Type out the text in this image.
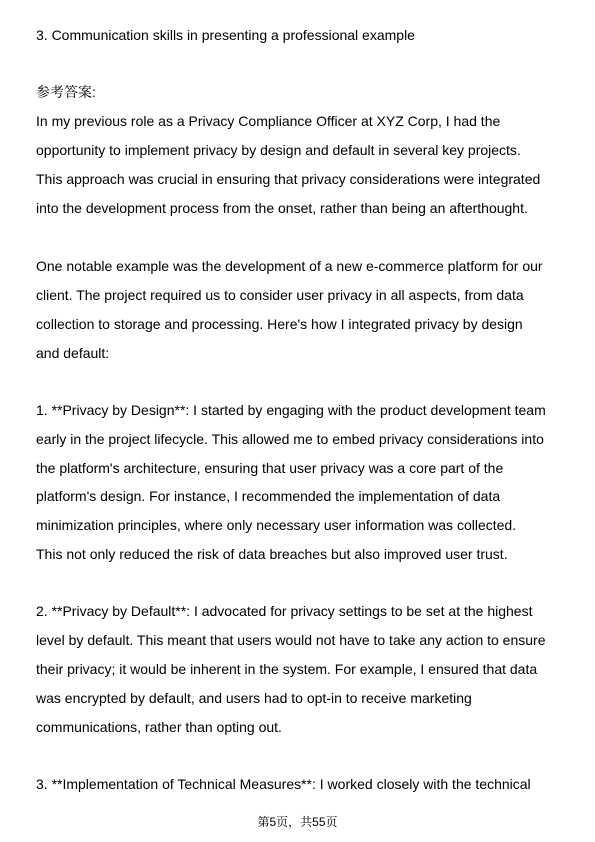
3. Communication skills in presenting a professional example
参考答案:
In my previous role as a Privacy Compliance Officer at XYZ Corp, I had the
opportunity to implement privacy by design and default in several key projects.
This approach was crucial in ensuring that privacy considerations were integrated
into the development process from the onset, rather than being an afterthought.
One notable example was the development of a new e-commerce platform for our
client. The project required us to consider user privacy in all aspects, from data
collection to storage and processing. Here's how I integrated privacy by design
and default:
1. **Privacy by Design**: I started by engaging with the product development team
early in the project lifecycle. This allowed me to embed privacy considerations into
the platform's architecture, ensuring that user privacy was a core part of the
platform's design. For instance, I recommended the implementation of data
minimization principles, where only necessary user information was collected.
This not only reduced the risk of data breaches but also improved user trust.
2. **Privacy by Default**: I advocated for privacy settings to be set at the highest
level by default. This meant that users would not have to take any action to ensure
their privacy; it would be inherent in the system. For example, I ensured that data
was encrypted by default, and users had to opt-in to receive marketing
communications, rather than opting out.
3. **Implementation of Technical Measures**: I worked closely with the technical
第5页，共55页
